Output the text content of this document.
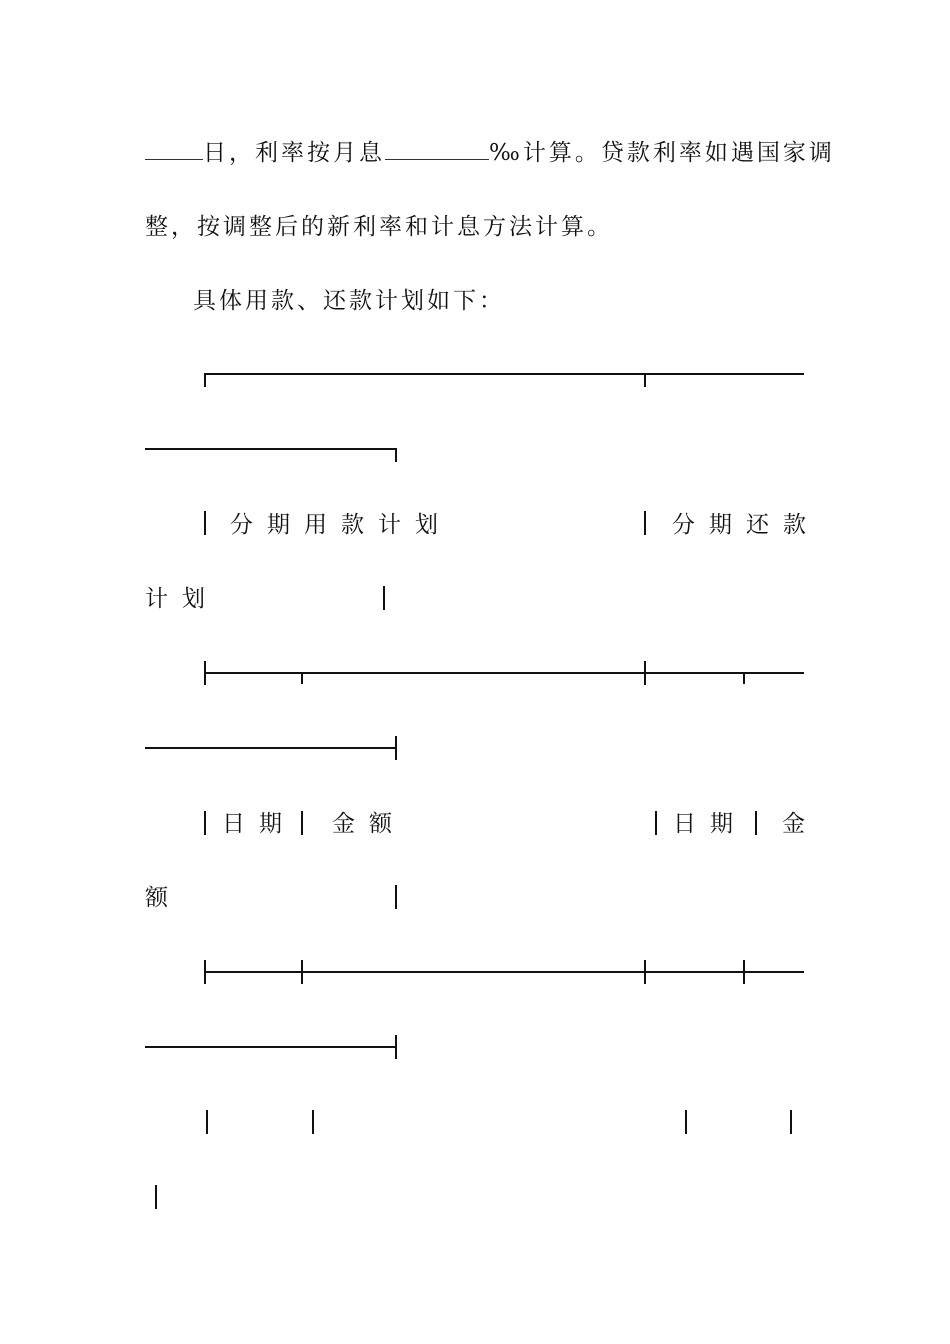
日，利率按月息	‰计算。贷款利率如遇国家调
整，按调整后的新利率和计息方法计算。
具体用款、还款计划如下：
分期用款计划	分期还款
计划
日期 金额	日期 金
额
